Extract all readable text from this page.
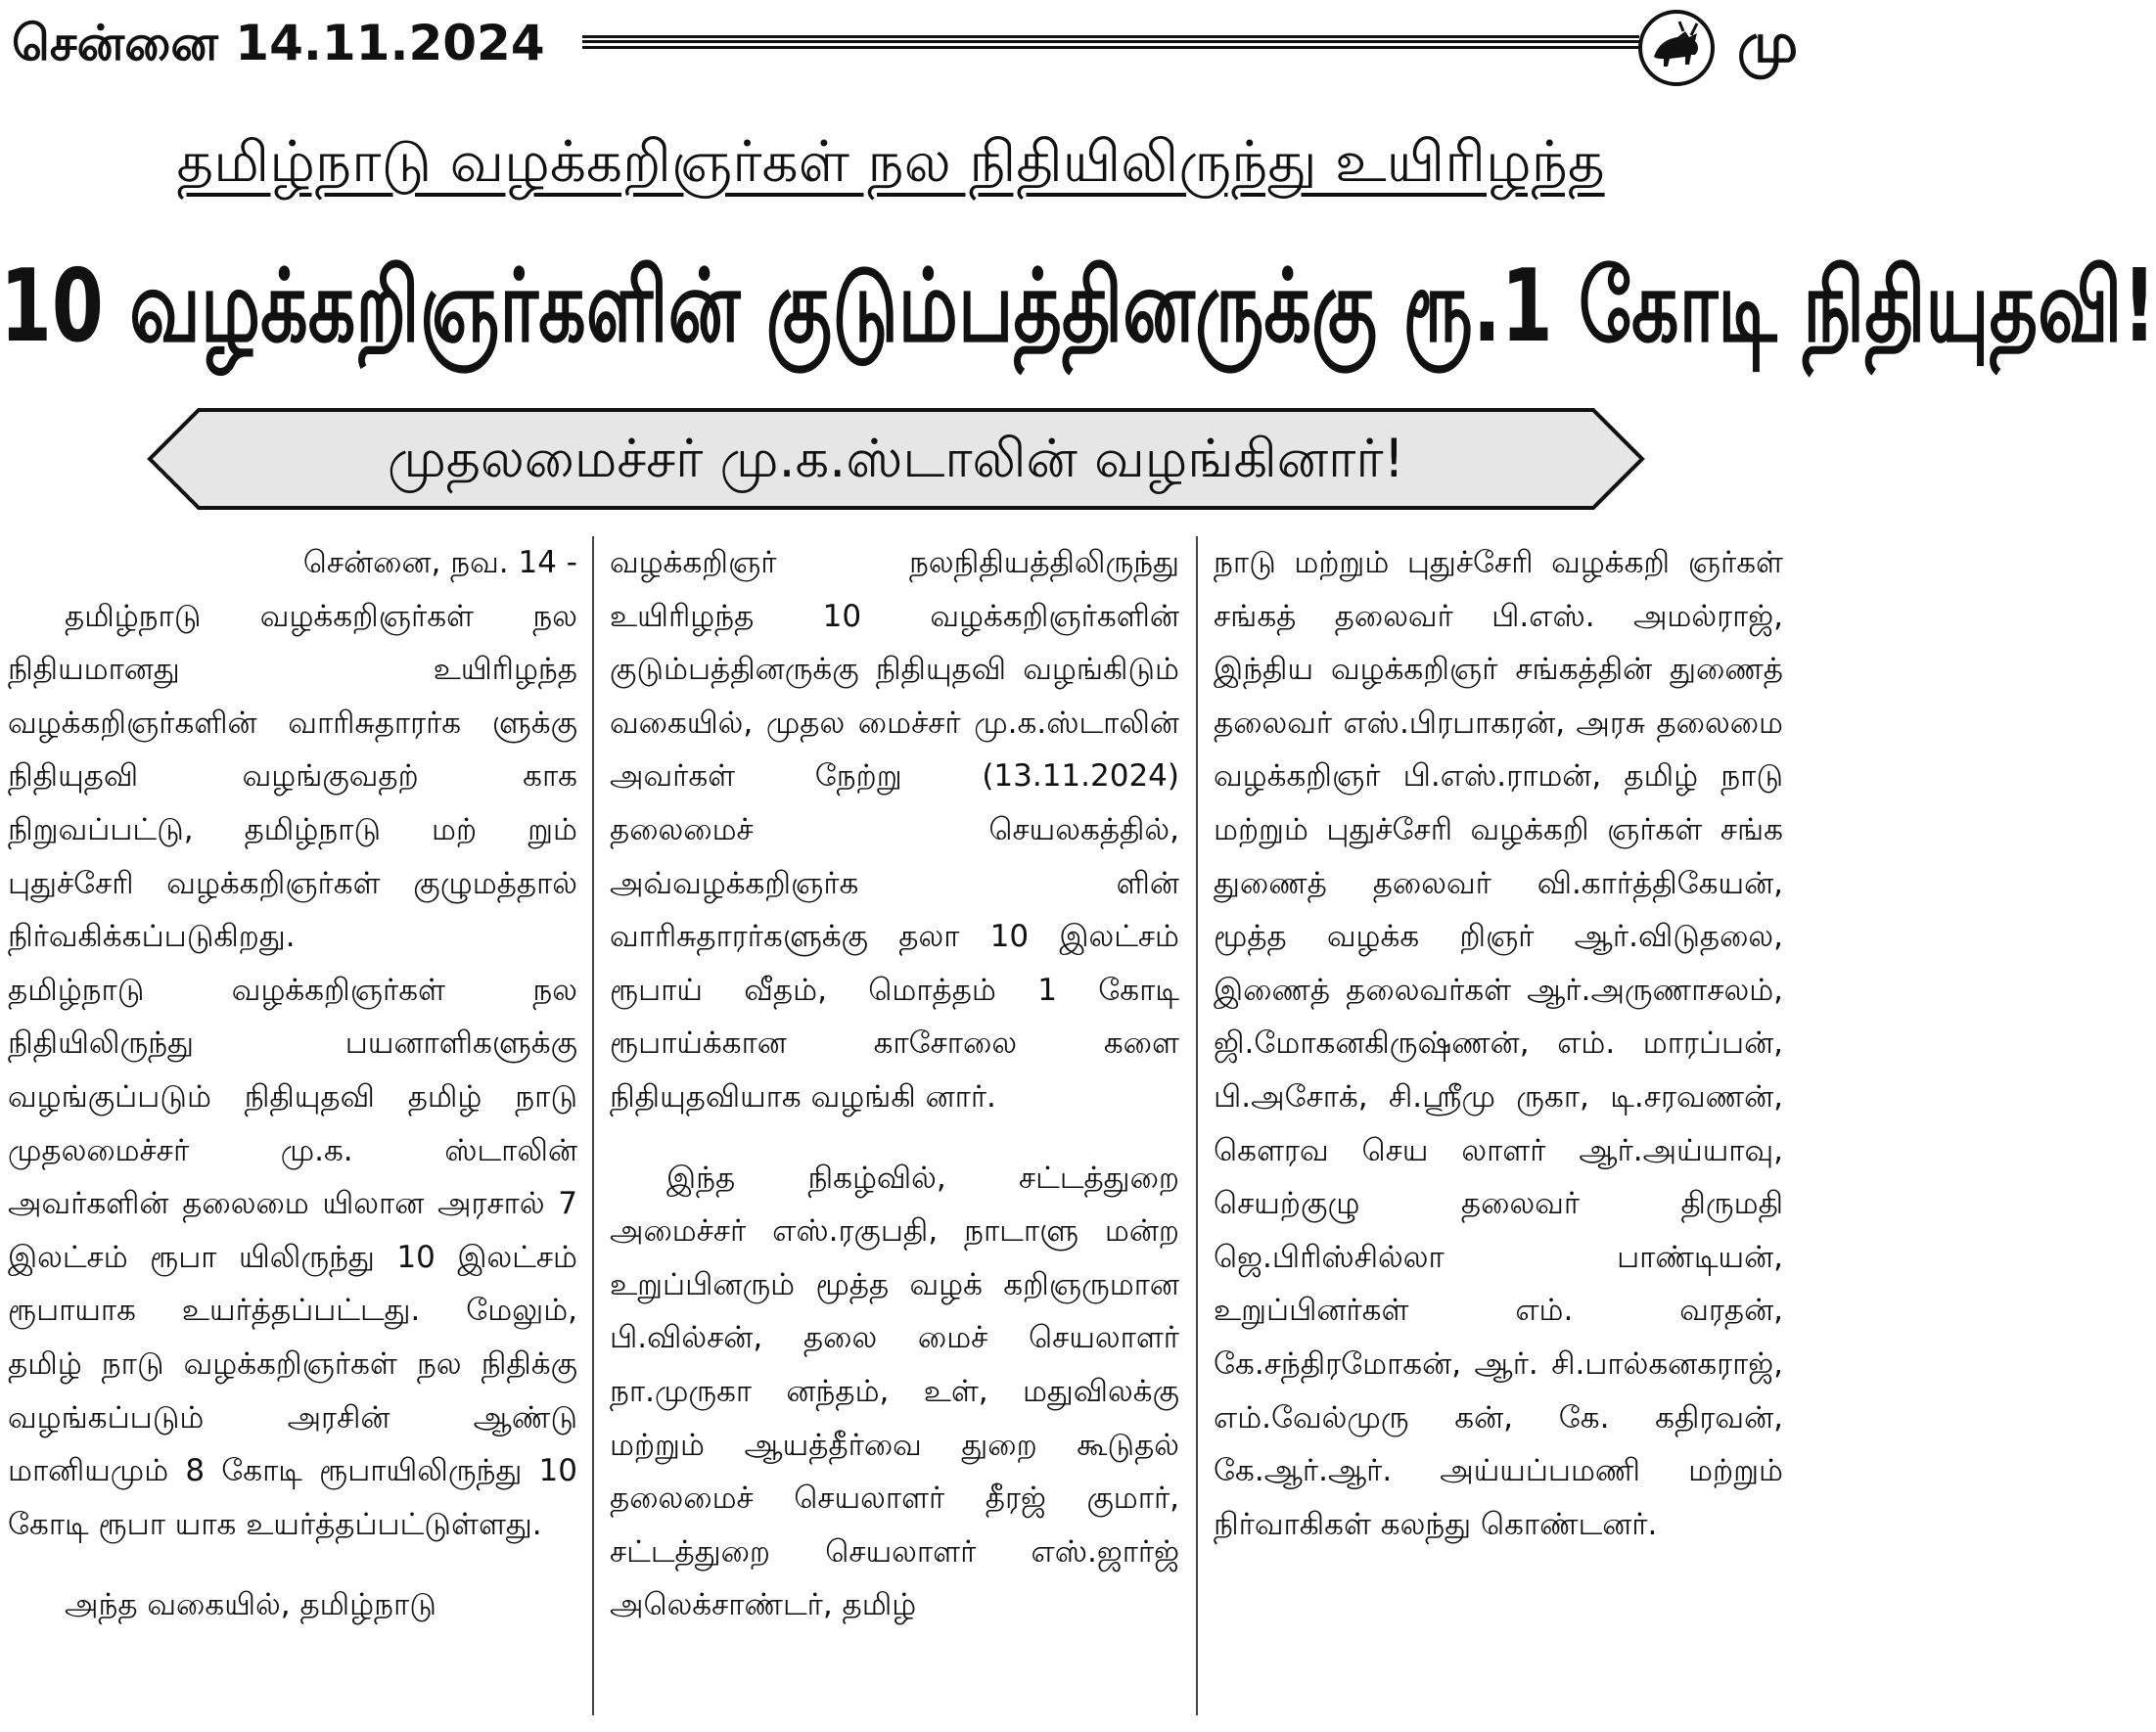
சென்னை 14.11.2024	மு
தமிழ்நாடு வழக்கறிஞர்கள் நல நிதியிலிருந்து உயிரிழந்த
10 வழக்கறிஞர்களின் குடும்பத்தினருக்கு ரூ.1 கோடி நிதியுதவி!
முதலமைச்சர் மு.க.ஸ்டாலின் வழங்கினார்!

சென்னை, நவ. 14 -

தமிழ்நாடு வழக்கறிஞர்கள் நல நிதியமானது உயிரிழந்த வழக்கறிஞர்களின் வாரிசுதாரர்க ளுக்கு நிதியுதவி வழங்குவதற் காக நிறுவப்பட்டு, தமிழ்நாடு மற் றும் புதுச்சேரி வழக்கறிஞர்கள் குழுமத்தால் நிர்வகிக்கப்படுகிறது.

தமிழ்நாடு வழக்கறிஞர்கள் நல நிதியிலிருந்து பயனாளிகளுக்கு வழங்குப்படும் நிதியுதவி தமிழ் நாடு முதலமைச்சர் மு.க. ஸ்டாலின் அவர்களின் தலைமை யிலான அரசால் 7 இலட்சம் ரூபா யிலிருந்து 10 இலட்சம் ரூபாயாக உயர்த்தப்பட்டது. மேலும், தமிழ் நாடு வழக்கறிஞர்கள் நல நிதிக்கு வழங்கப்படும் அரசின் ஆண்டு மானியமும் 8 கோடி ரூபாயிலிருந்து 10 கோடி ரூபா யாக உயர்த்தப்பட்டுள்ளது.

அந்த வகையில், தமிழ்நாடு

வழக்கறிஞர் நலநிதியத்திலிருந்து உயிரிழந்த 10 வழக்கறிஞர்களின் குடும்பத்தினருக்கு நிதியுதவி வழங்கிடும் வகையில், முதல மைச்சர் மு.க.ஸ்டாலின் அவர்கள் நேற்று (13.11.2024) தலைமைச் செயலகத்தில், அவ்வழக்கறிஞர்க ளின் வாரிசுதாரர்களுக்கு தலா 10 இலட்சம் ரூபாய் வீதம், மொத்தம் 1 கோடி ரூபாய்க்கான காசோலை களை நிதியுதவியாக வழங்கி னார்.

இந்த நிகழ்வில், சட்டத்துறை அமைச்சர் எஸ்.ரகுபதி, நாடாளு மன்ற உறுப்பினரும் மூத்த வழக் கறிஞருமான பி.வில்சன், தலை மைச் செயலாளர் நா.முருகா னந்தம், உள், மதுவிலக்கு மற்றும் ஆயத்தீர்வை துறை கூடுதல் தலைமைச் செயலாளர் தீரஜ் குமார், சட்டத்துறை செயலாளர் எஸ்.ஜார்ஜ் அலெக்சாண்டர், தமிழ்

நாடு மற்றும் புதுச்சேரி வழக்கறி ஞர்கள் சங்கத் தலைவர் பி.எஸ். அமல்ராஜ், இந்திய வழக்கறிஞர் சங்கத்தின் துணைத் தலைவர் எஸ்.பிரபாகரன், அரசு தலைமை வழக்கறிஞர் பி.எஸ்.ராமன், தமிழ் நாடு மற்றும் புதுச்சேரி வழக்கறி ஞர்கள் சங்க துணைத் தலைவர் வி.கார்த்திகேயன், மூத்த வழக்க றிஞர் ஆர்.விடுதலை, இணைத் தலைவர்கள் ஆர்.அருணாசலம், ஜி.மோகனகிருஷ்ணன், எம். மாரப்பன், பி.அசோக், சி.ஸ்ரீமு ருகா, டி.சரவணன், கௌரவ செய லாளர் ஆர்.அய்யாவு, செயற்குழு தலைவர் திருமதி ஜெ.பிரிஸ்சில்லா பாண்டியன், உறுப்பினர்கள் எம். வரதன், கே.சந்திரமோகன், ஆர். சி.பால்கனகராஜ், எம்.வேல்முரு கன், கே. கதிரவன், கே.ஆர்.ஆர். அய்யப்பமணி மற்றும் நிர்வாகிகள் கலந்து கொண்டனர்.
